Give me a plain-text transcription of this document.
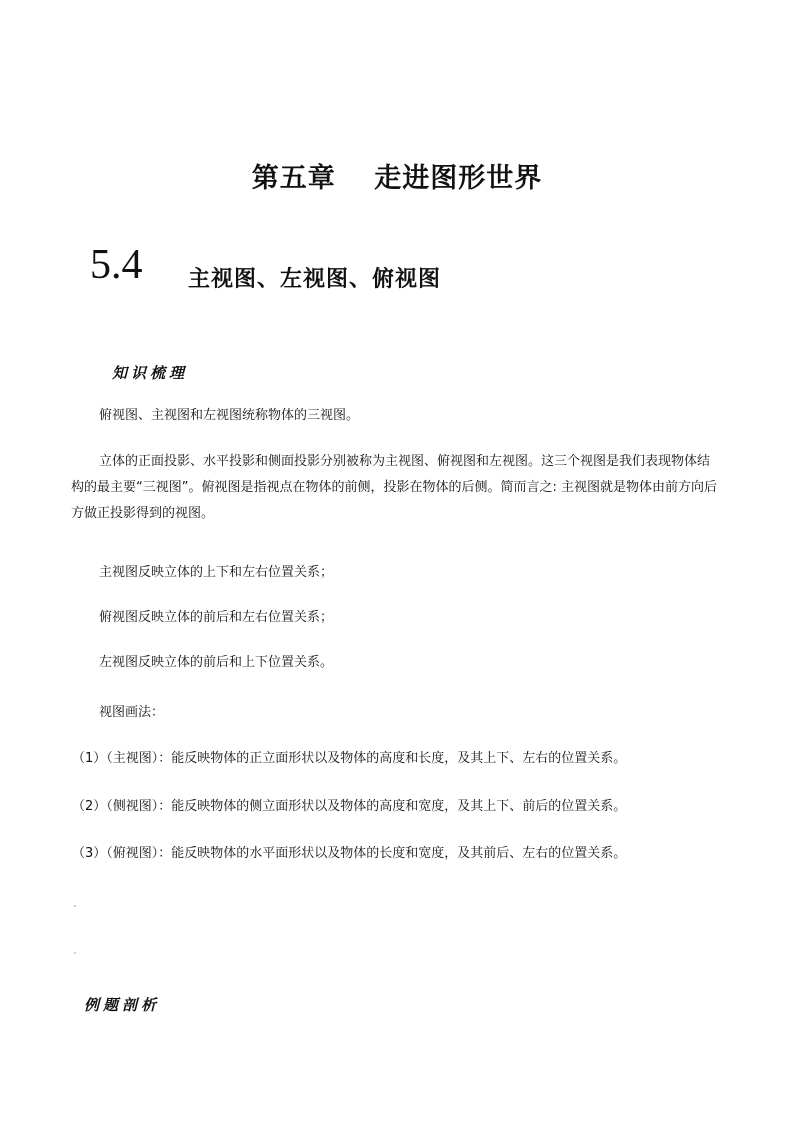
第五章　 走进图形世界
5.4 主视图、左视图、俯视图
知识梳理

俯视图、主视图和左视图统称物体的三视图。

立体的正面投影、水平投影和侧面投影分别被称为主视图、俯视图和左视图。这三个视图是我们表现物体结构的最主要“三视图”。俯视图是指视点在物体的前侧，投影在物体的后侧。简而言之: 主视图就是物体由前方向后方做正投影得到的视图。

主视图反映立体的上下和左右位置关系；

俯视图反映立体的前后和左右位置关系；

左视图反映立体的前后和上下位置关系。

视图画法：

（1）（主视图）：能反映物体的正立面形状以及物体的高度和长度，及其上下、左右的位置关系。
（2）（侧视图）：能反映物体的侧立面形状以及物体的高度和宽度，及其上下、前后的位置关系。
（3）（俯视图）：能反映物体的水平面形状以及物体的长度和宽度，及其前后、左右的位置关系。
例题剖析
